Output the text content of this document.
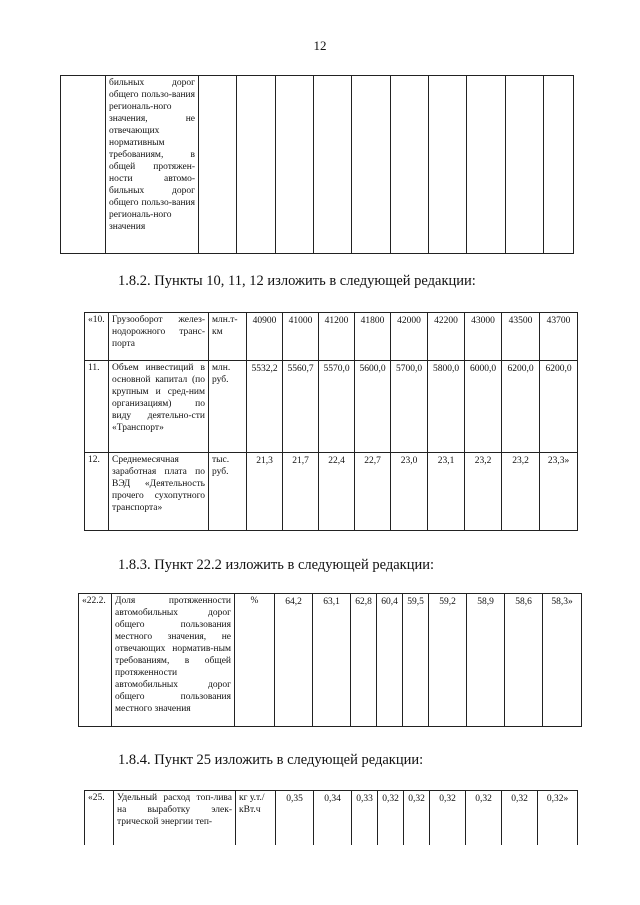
12
	бильных дорог общего пользо-вания региональ-ного значения, не отвечающих нормативным требованиям, в общей протяжен-ности автомо-бильных дорог общего пользо-вания региональ-ного значения										
1.8.2. Пункты 10, 11, 12 изложить в следующей редакции:
«10.	Грузооборот желез-нодорожного транс-порта	млн.т-км	40900	41000	41200	41800	42000	42200	43000	43500	43700
11.	Объем инвестиций в основной капитал (по крупным и сред-ним организациям) по виду деятельно-сти «Транспорт»	млн. руб.	5532,2	5560,7	5570,0	5600,0	5700,0	5800,0	6000,0	6200,0	6200,0
12.	Среднемесячная заработная плата по ВЭД «Деятельность прочего сухопутного транспорта»	тыс. руб.	21,3	21,7	22,4	22,7	23,0	23,1	23,2	23,2	23,3»
1.8.3. Пункт 22.2 изложить в следующей редакции:
«22.2.	Доля протяженности автомобильных дорог общего пользования местного значения, не отвечающих норматив-ным требованиям, в общей протяженности автомобильных дорог общего пользования местного значения	%	64,2	63,1	62,8	60,4	59,5	59,2	58,9	58,6	58,3»
1.8.4. Пункт 25 изложить в следующей редакции:
«25.	Удельный расход топ-лива на выработку элек-трической энергии теп-	кг у.т./ кВт.ч	0,35	0,34	0,33	0,32	0,32	0,32	0,32	0,32	0,32»
